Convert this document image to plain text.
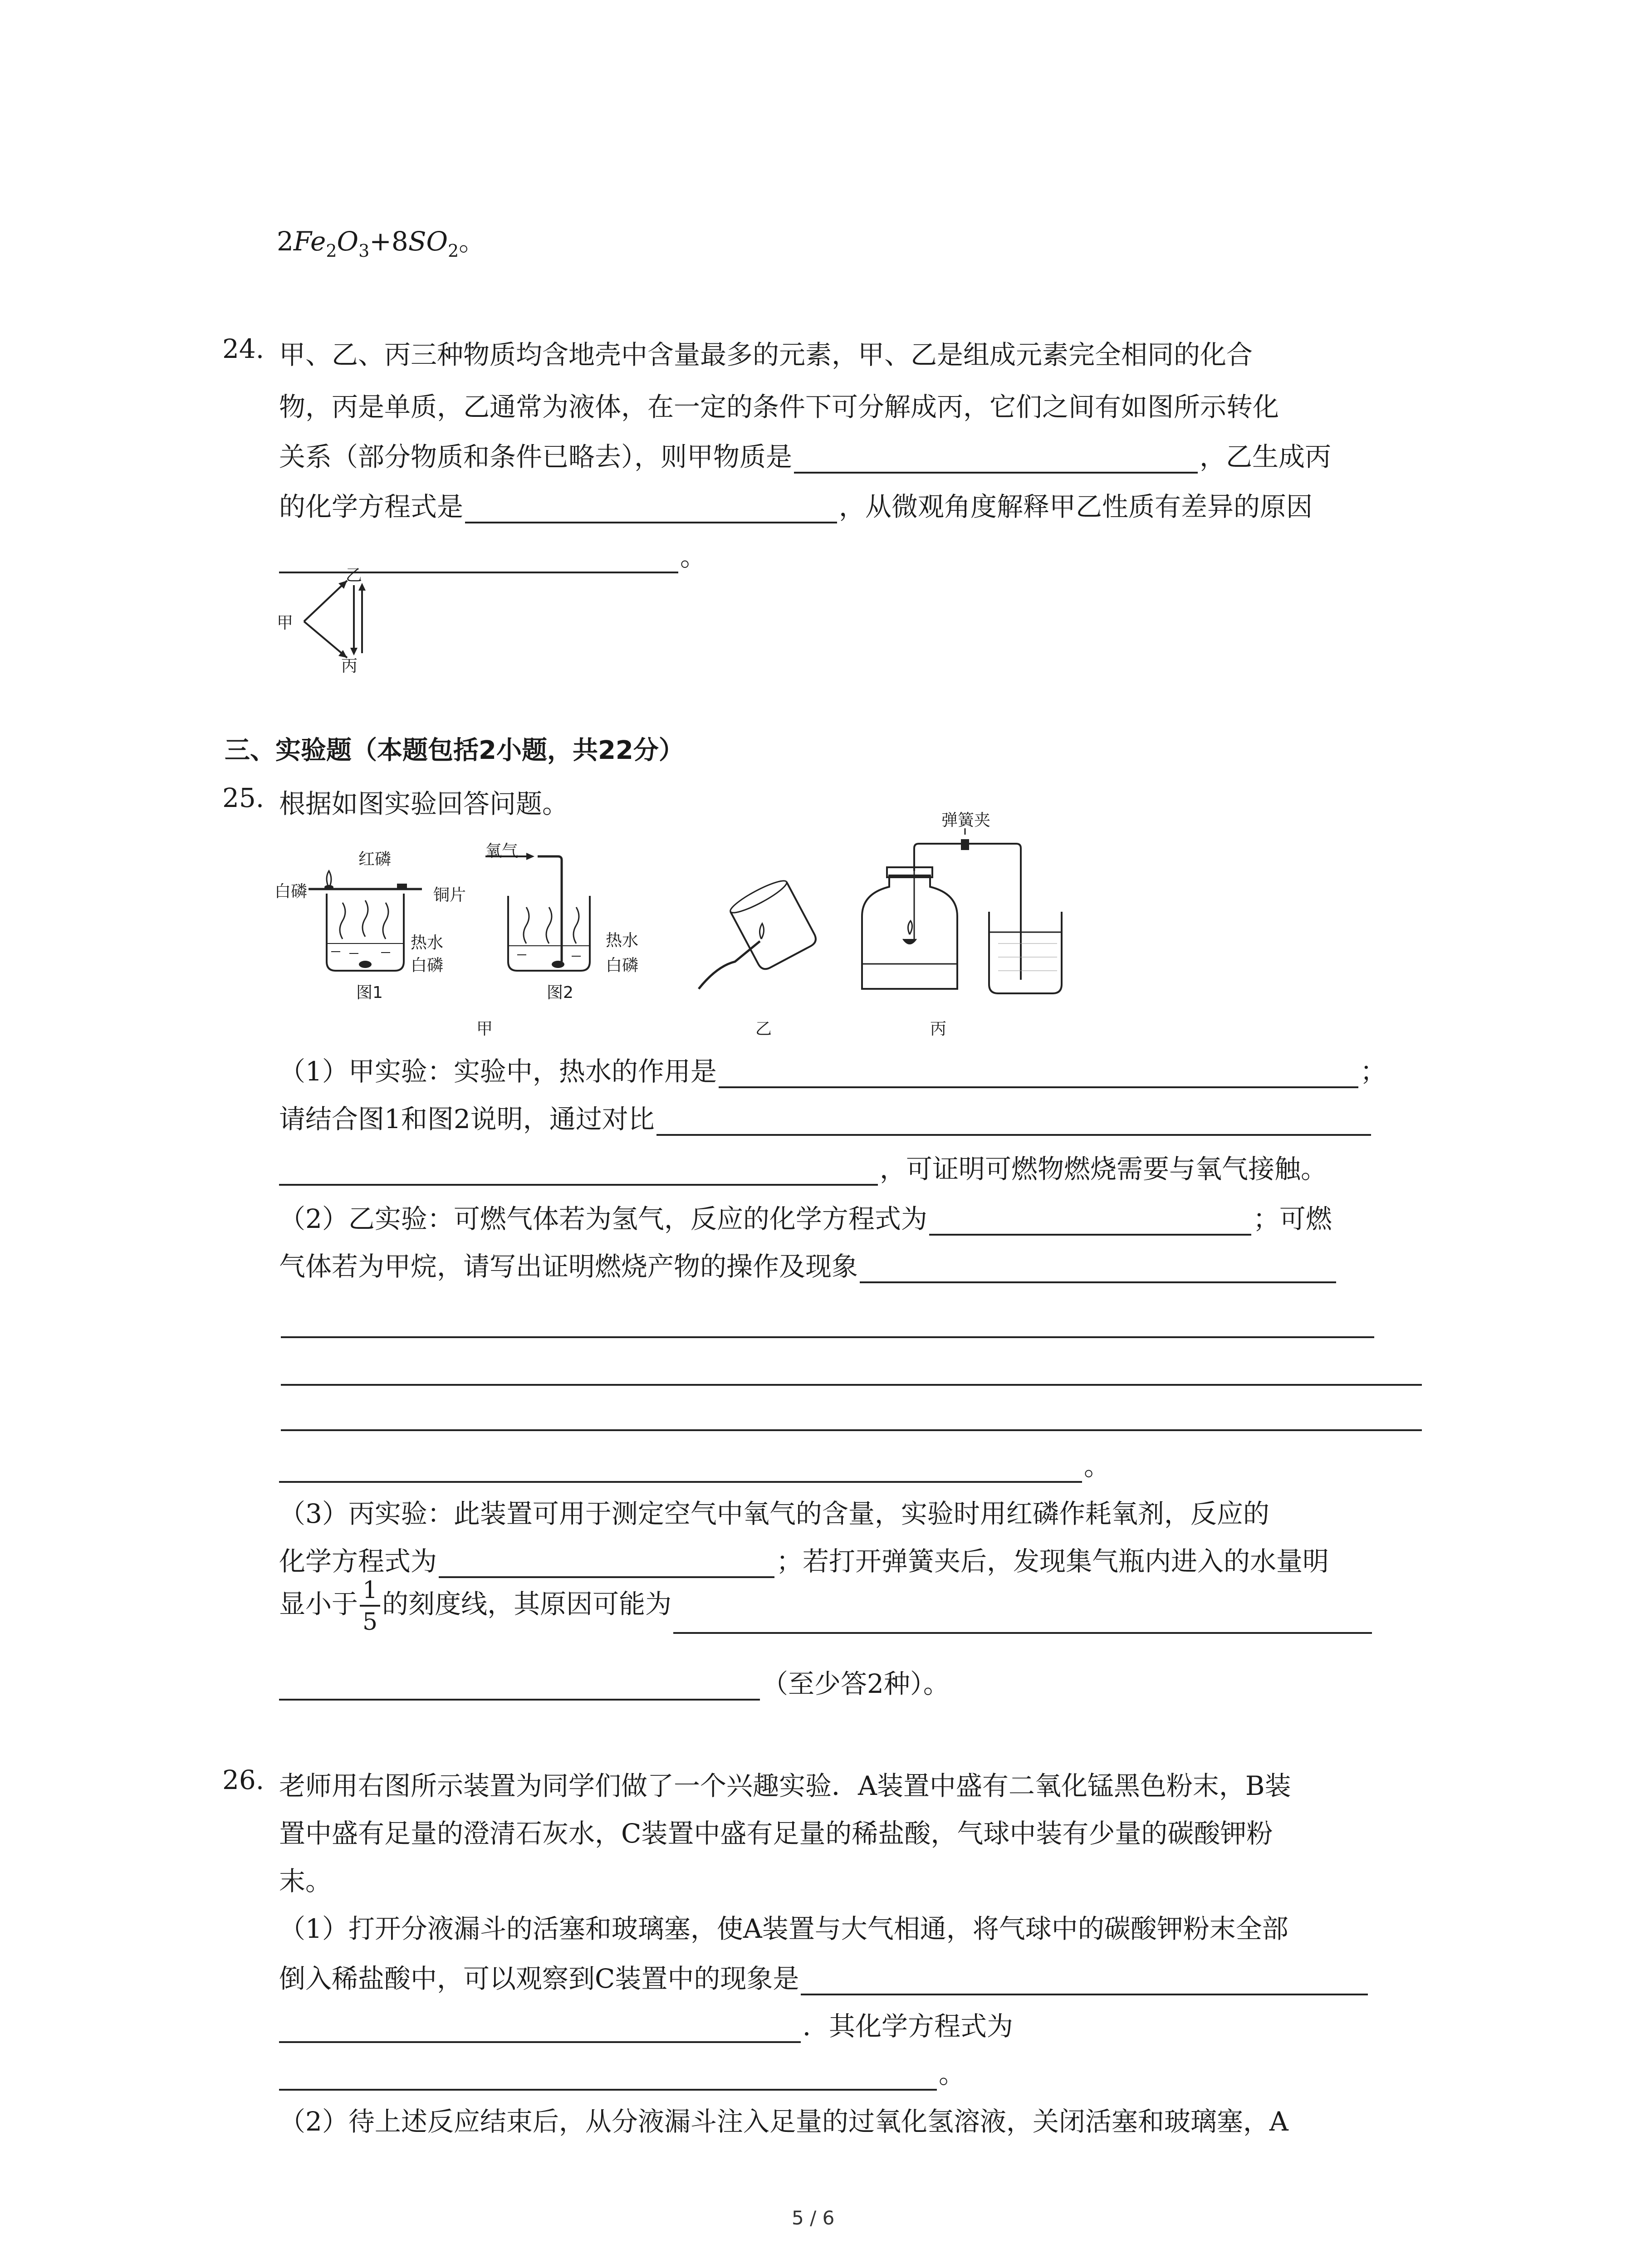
$2Fe_2O_3+8SO_2$。
24. 甲、乙、丙三种物质均含地壳中含量最多的元素，甲、乙是组成元素完全相同的化合
物，丙是单质，乙通常为液体，在一定的条件下可分解成丙，它们之间有如图所示转化
关系（部分物质和条件已略去），则甲物质是	，乙生成丙
的化学方程式是	，从微观角度解释甲乙性质有差异的原因
。
甲
乙
丙
三、实验题（本题包括2小题，共22分）
25. 根据如图实验回答问题。
红磷
白磷	铜片
热水
白磷
图1
氧气
热水
白磷
图2
甲	乙
弹簧夹
丙
（1）甲实验：实验中，热水的作用是	；
请结合图1和图2说明，通过对比
，可证明可燃物燃烧需要与氧气接触。
（2）乙实验：可燃气体若为氢气，反应的化学方程式为	；可燃
气体若为甲烷，请写出证明燃烧产物的操作及现象
。
（3）丙实验：此装置可用于测定空气中氧气的含量，实验时用红磷作耗氧剂，反应的
化学方程式为	；若打开弹簧夹后，发现集气瓶内进入的水量明
显小于 $\frac{1}{5}$ 的刻度线，其原因可能为
（至少答2种）。
26. 老师用右图所示装置为同学们做了一个兴趣实验．A装置中盛有二氧化锰黑色粉末，B装
置中盛有足量的澄清石灰水，C装置中盛有足量的稀盐酸，气球中装有少量的碳酸钾粉
末。
（1）打开分液漏斗的活塞和玻璃塞，使A装置与大气相通，将气球中的碳酸钾粉末全部
倒入稀盐酸中，可以观察到C装置中的现象是
．其化学方程式为
。
（2）待上述反应结束后，从分液漏斗注入足量的过氧化氢溶液，关闭活塞和玻璃塞，A
5 / 6
